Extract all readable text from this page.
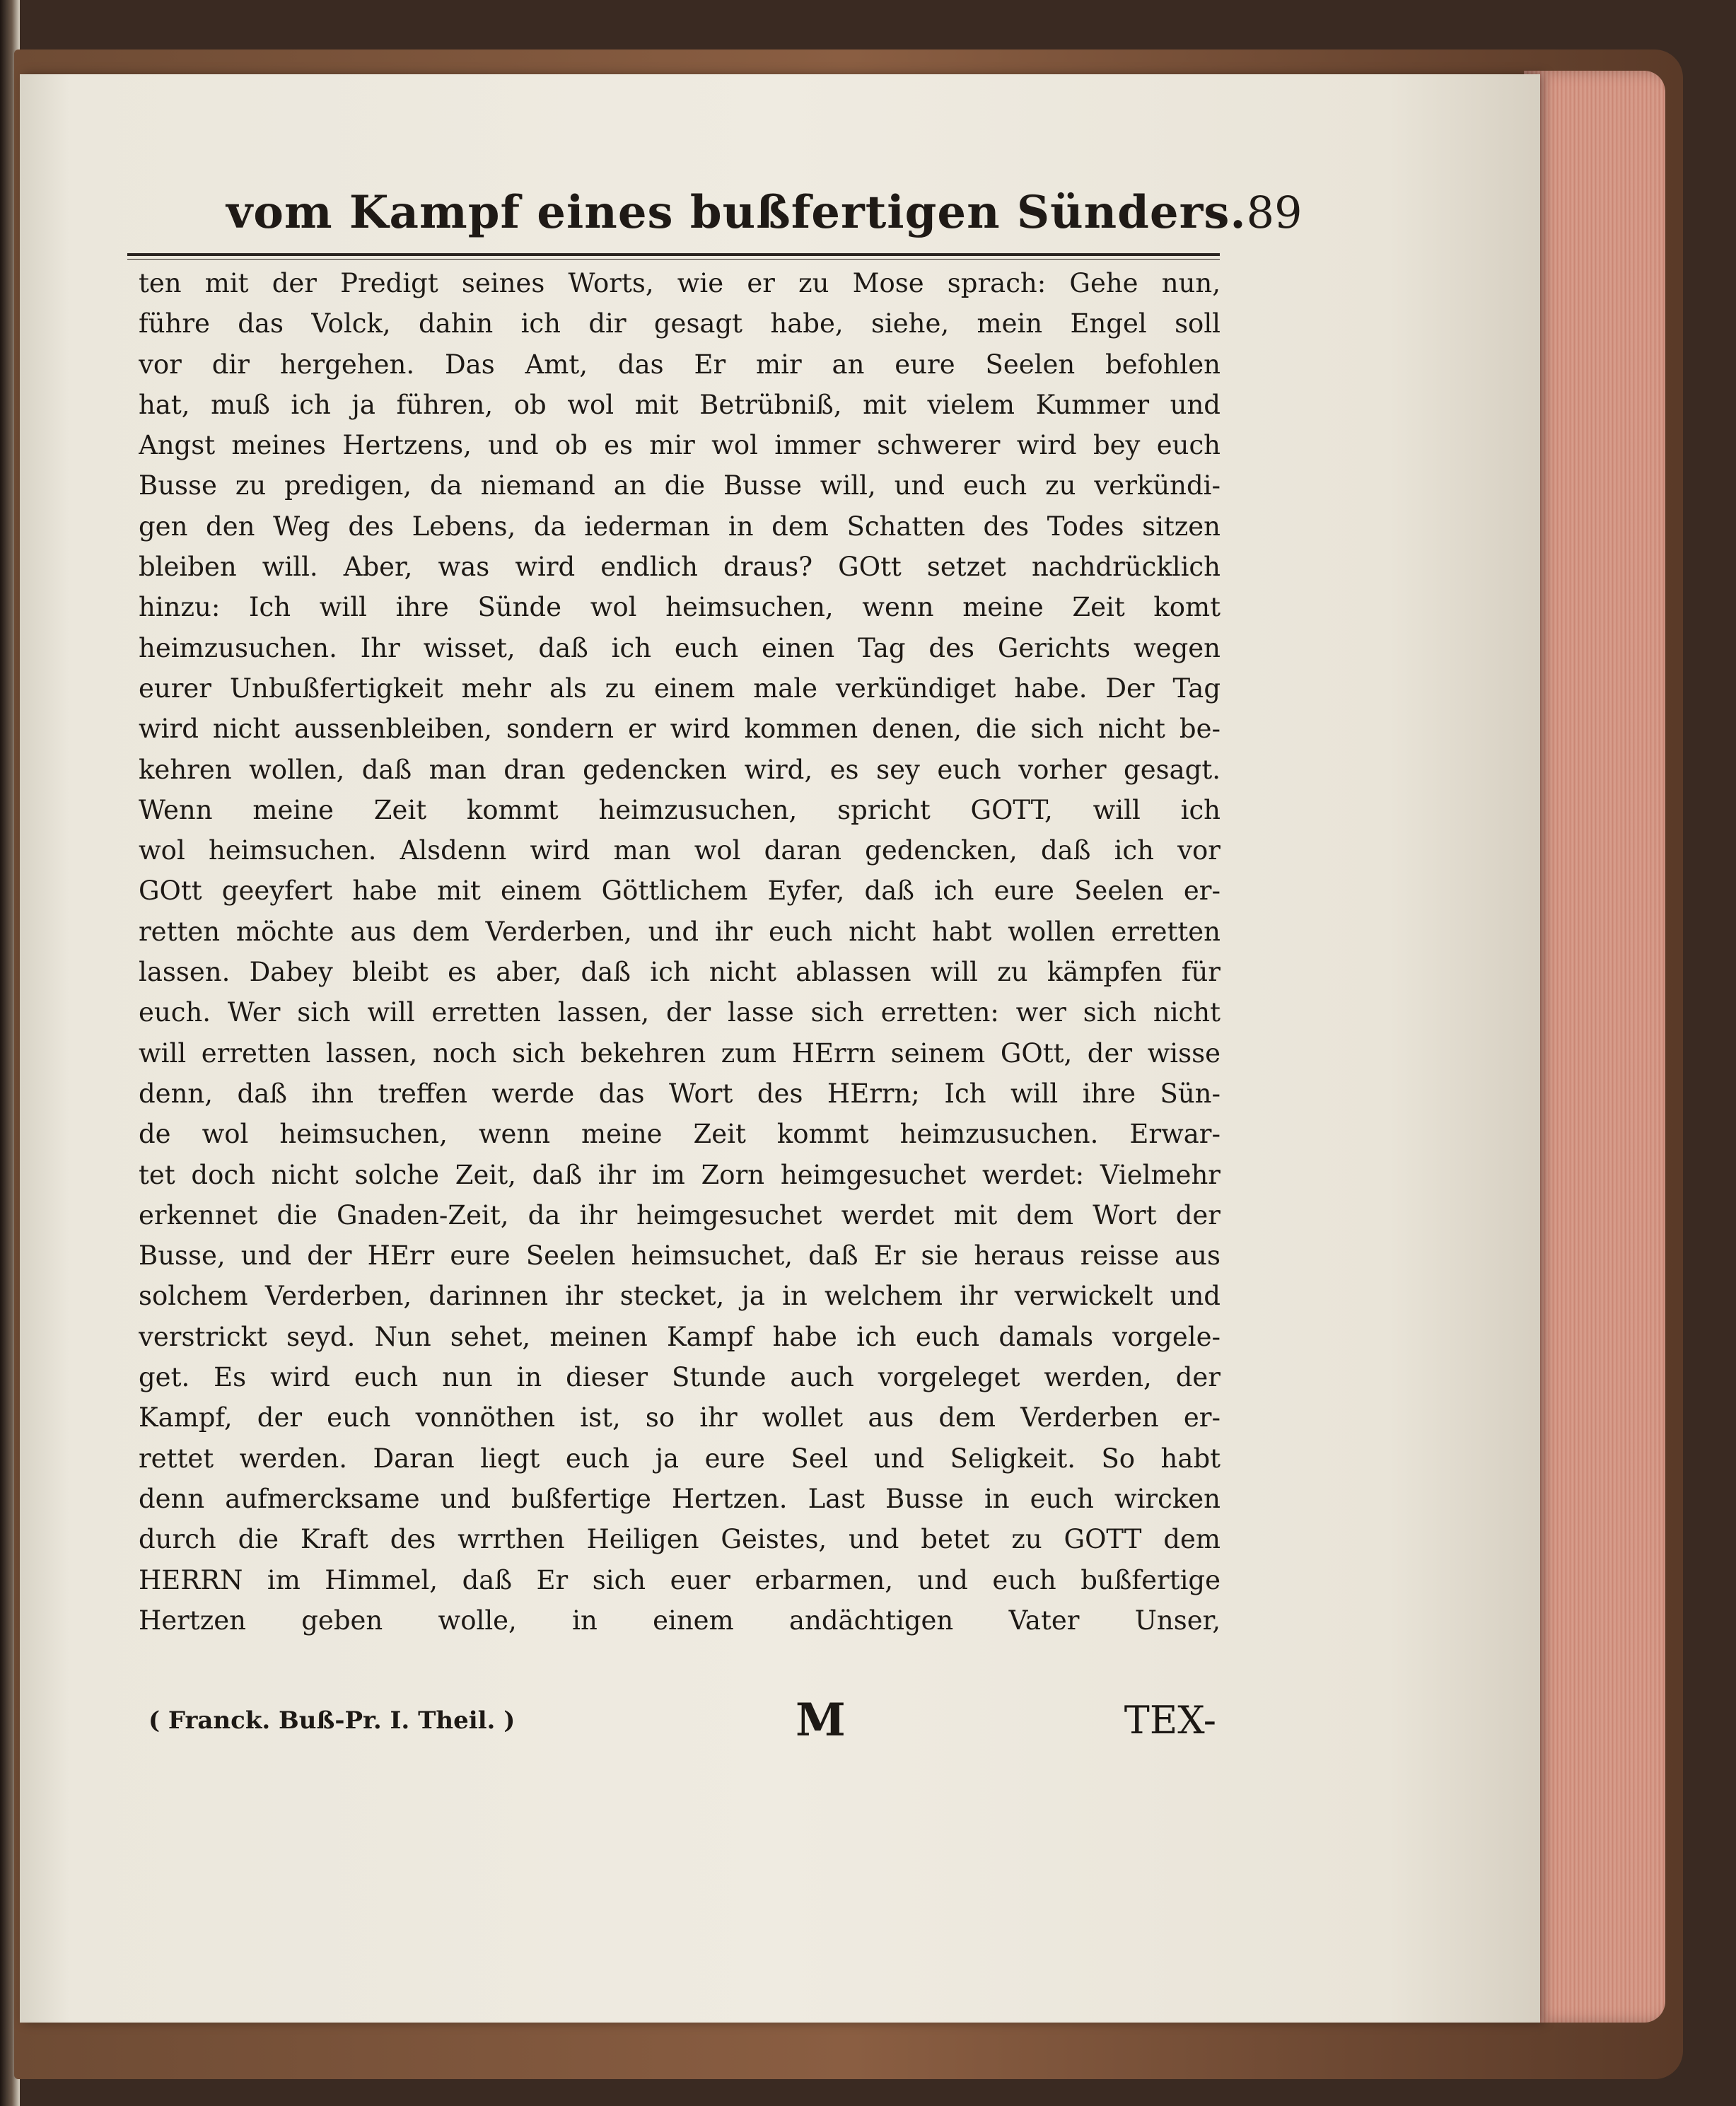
vom Kampf eines bußfertigen Sünders. 89
ten mit der Predigt seines Worts, wie er zu Mose sprach: Gehe nun,
führe das Volck, dahin ich dir gesagt habe, siehe, mein Engel soll
vor dir hergehen. Das Amt, das Er mir an eure Seelen befohlen
hat, muß ich ja führen, ob wol mit Betrübniß, mit vielem Kummer und
Angst meines Hertzens, und ob es mir wol immer schwerer wird bey euch
Busse zu predigen, da niemand an die Busse will, und euch zu verkündi-
gen den Weg des Lebens, da iederman in dem Schatten des Todes sitzen
bleiben will. Aber, was wird endlich draus? GOtt setzet nachdrücklich
hinzu: Ich will ihre Sünde wol heimsuchen, wenn meine Zeit komt
heimzusuchen. Ihr wisset, daß ich euch einen Tag des Gerichts wegen
eurer Unbußfertigkeit mehr als zu einem male verkündiget habe. Der Tag
wird nicht aussenbleiben, sondern er wird kommen denen, die sich nicht be-
kehren wollen, daß man dran gedencken wird, es sey euch vorher gesagt.
Wenn meine Zeit kommt heimzusuchen, spricht GOTT, will ich
wol heimsuchen. Alsdenn wird man wol daran gedencken, daß ich vor
GOtt geeyfert habe mit einem Göttlichem Eyfer, daß ich eure Seelen er-
retten möchte aus dem Verderben, und ihr euch nicht habt wollen erretten
lassen. Dabey bleibt es aber, daß ich nicht ablassen will zu kämpfen für
euch. Wer sich will erretten lassen, der lasse sich erretten: wer sich nicht
will erretten lassen, noch sich bekehren zum HErrn seinem GOtt, der wisse
denn, daß ihn treffen werde das Wort des HErrn; Ich will ihre Sün-
de wol heimsuchen, wenn meine Zeit kommt heimzusuchen. Erwar-
tet doch nicht solche Zeit, daß ihr im Zorn heimgesuchet werdet: Vielmehr
erkennet die Gnaden-Zeit, da ihr heimgesuchet werdet mit dem Wort der
Busse, und der HErr eure Seelen heimsuchet, daß Er sie heraus reisse aus
solchem Verderben, darinnen ihr stecket, ja in welchem ihr verwickelt und
verstrickt seyd. Nun sehet, meinen Kampf habe ich euch damals vorgele-
get. Es wird euch nun in dieser Stunde auch vorgeleget werden, der
Kampf, der euch vonnöthen ist, so ihr wollet aus dem Verderben er-
rettet werden. Daran liegt euch ja eure Seel und Seligkeit. So habt
denn aufmercksame und bußfertige Hertzen. Last Busse in euch wircken
durch die Kraft des wrrthen Heiligen Geistes, und betet zu GOTT dem
HERRN im Himmel, daß Er sich euer erbarmen, und euch bußfertige
Hertzen geben wolle, in einem andächtigen Vater Unser,
( Franck. Buß-Pr. I. Theil. )	M	TEX-
